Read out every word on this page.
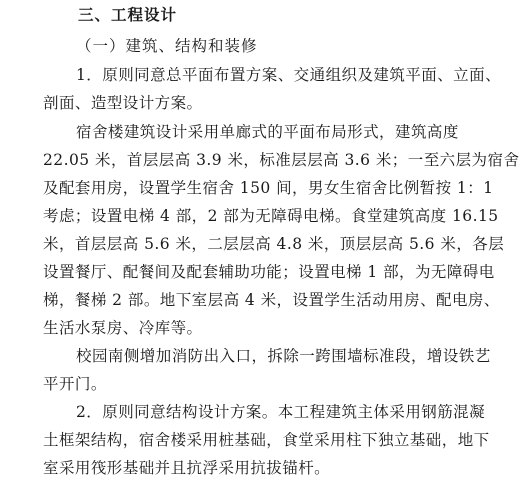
三、工程设计
（一）建筑、结构和装修
1．原则同意总平面布置方案、交通组织及建筑平面、立面、
剖面、造型设计方案。
宿舍楼建筑设计采用单廊式的平面布局形式，建筑高度
22.05 米，首层层高 3.9 米，标准层层高 3.6 米；一至六层为宿舍
及配套用房，设置学生宿舍 150 间，男女生宿舍比例暂按 1：1
考虑；设置电梯 4 部，2 部为无障碍电梯。食堂建筑高度 16.15
米，首层层高 5.6 米，二层层高 4.8 米，顶层层高 5.6 米，各层
设置餐厅、配餐间及配套辅助功能；设置电梯 1 部，为无障碍电
梯，餐梯 2 部。地下室层高 4 米，设置学生活动用房、配电房、
生活水泵房、冷库等。
校园南侧增加消防出入口，拆除一跨围墙标准段，增设铁艺
平开门。
2．原则同意结构设计方案。本工程建筑主体采用钢筋混凝
土框架结构，宿舍楼采用桩基础，食堂采用柱下独立基础，地下
室采用筏形基础并且抗浮采用抗拔锚杆。
